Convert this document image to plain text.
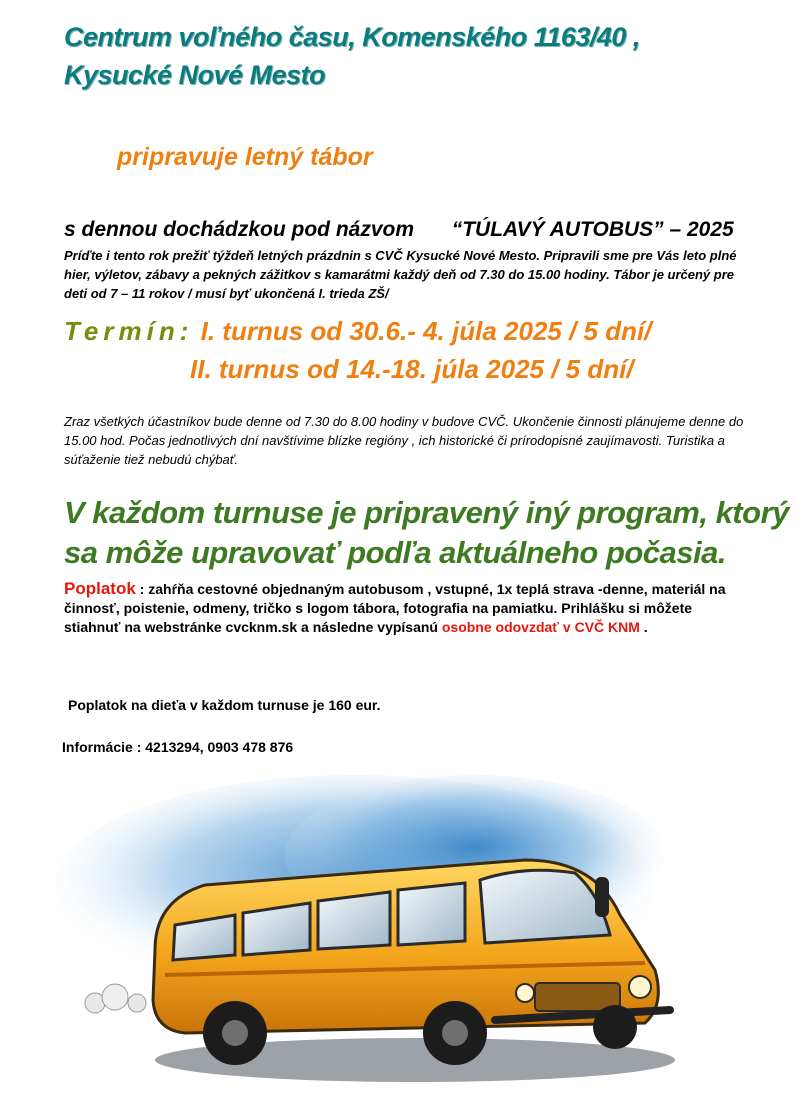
Centrum voľného času, Komenského 1163/40 ,
Kysucké Nové Mesto
pripravuje letný tábor
s dennou dochádzkou pod názvom “TÚLAVÝ AUTOBUS” – 2025
Príďte i tento rok prežiť týždeň letných prázdnin s CVČ Kysucké Nové Mesto. Pripravili sme pre Vás leto plné hier, výletov, zábavy a pekných zážitkov s kamarátmi každý deň od 7.30 do 15.00 hodiny. Tábor je určený pre deti od 7 – 11 rokov / musí byť ukončená I. trieda ZŠ/
Termín: I. turnus od 30.6.- 4. júla 2025 / 5 dní/
II. turnus od 14.-18. júla 2025 / 5 dní/
Zraz všetkých účastníkov bude denne od 7.30 do 8.00 hodiny v budove CVČ. Ukončenie činnosti plánujeme denne do 15.00 hod. Počas jednotlivých dní navštívime blízke regióny , ich historické či prírodopisné zaujímavosti. Turistika a súťaženie tiež nebudú chýbať.
V každom turnuse je pripravený iný program, ktorý
sa môže upravovať podľa aktuálneho počasia.
Poplatok : zahŕňa cestovné objednaným autobusom , vstupné, 1x teplá strava -denne, materiál na činnosť, poistenie, odmeny, tričko s logom tábora, fotografia na pamiatku. Prihlášku si môžete stiahnuť na webstránke cvcknm.sk a následne vypísanú osobne odovzdať v CVČ KNM .
Poplatok na dieťa v každom turnuse je 160 eur.
Informácie : 4213294, 0903 478 876
